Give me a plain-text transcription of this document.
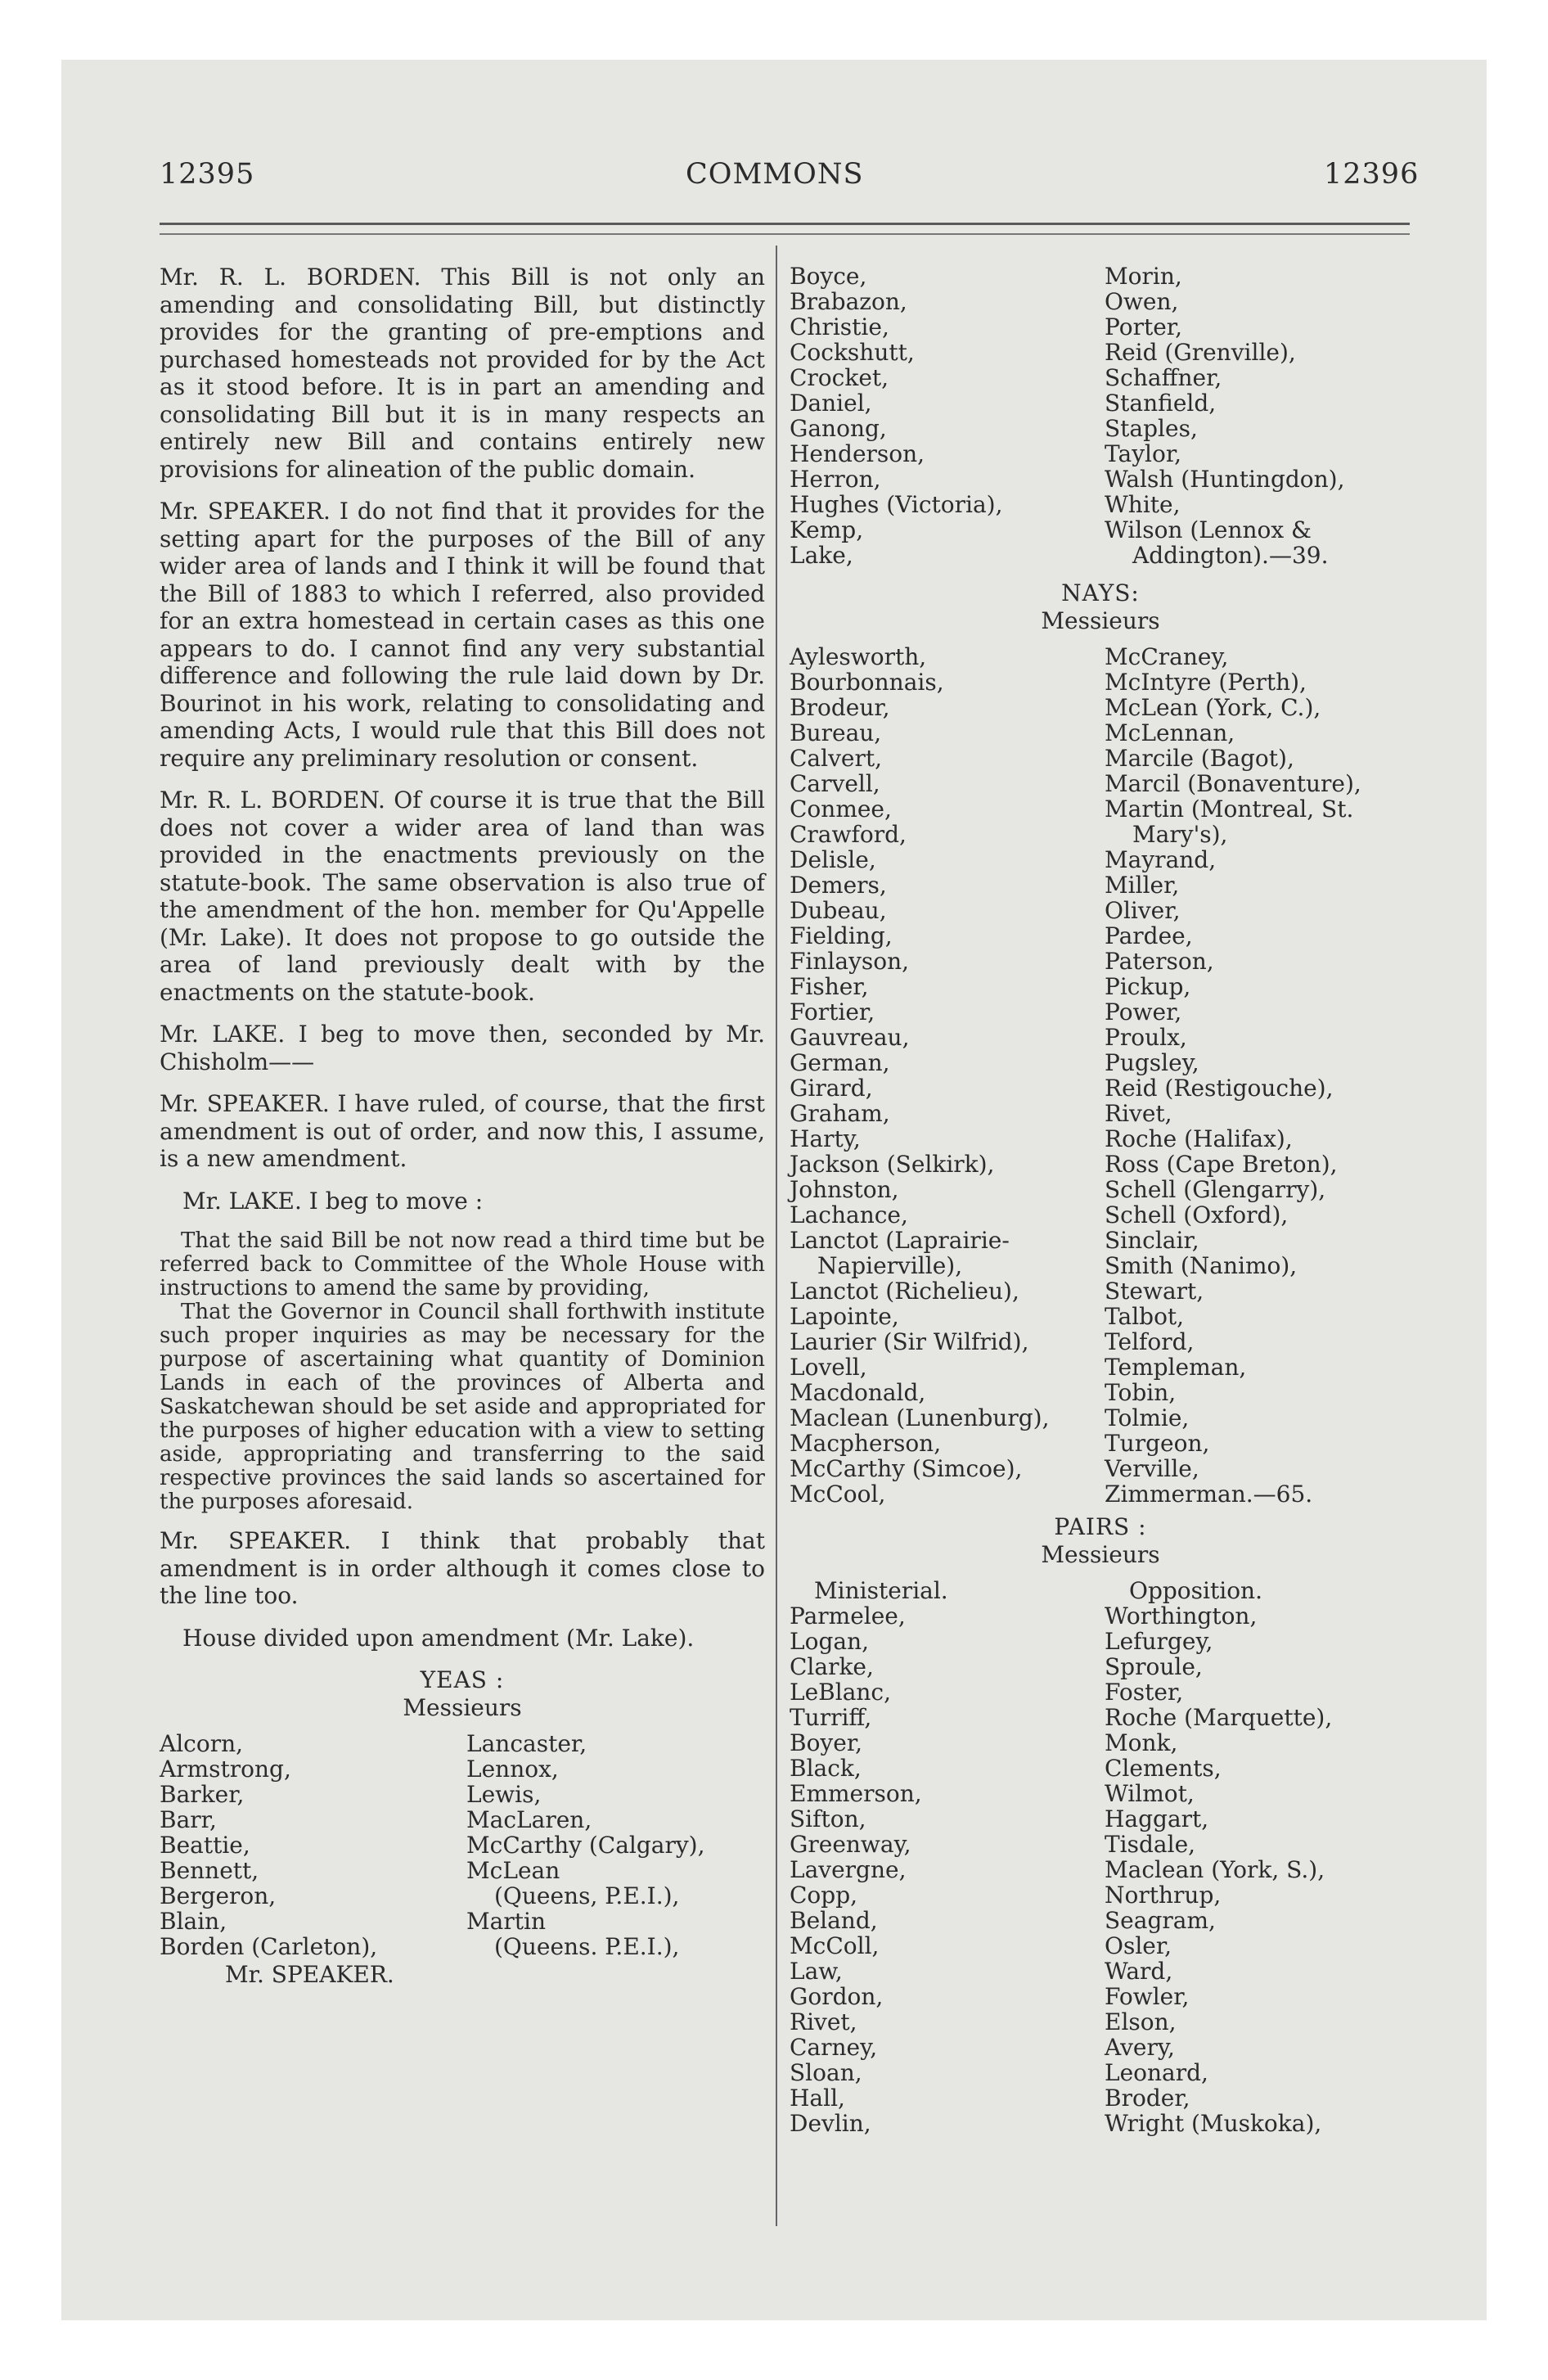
12395	COMMONS	12396

Mr. R. L. BORDEN. This Bill is not only an amending and consolidating Bill, but distinctly provides for the granting of pre-emptions and purchased homesteads not provided for by the Act as it stood before. It is in part an amending and consolidating Bill but it is in many respects an entirely new Bill and contains entirely new provisions for alineation of the public domain.

Mr. SPEAKER. I do not find that it provides for the setting apart for the purposes of the Bill of any wider area of lands and I think it will be found that the Bill of 1883 to which I referred, also provided for an extra homestead in certain cases as this one appears to do. I cannot find any very substantial difference and following the rule laid down by Dr. Bourinot in his work, relating to consolidating and amending Acts, I would rule that this Bill does not require any preliminary resolution or consent.

Mr. R. L. BORDEN. Of course it is true that the Bill does not cover a wider area of land than was provided in the enactments previously on the statute-book. The same observation is also true of the amendment of the hon. member for Qu'Appelle (Mr. Lake). It does not propose to go outside the area of land previously dealt with by the enactments on the statute-book.

Mr. LAKE. I beg to move then, seconded by Mr. Chisholm——

Mr. SPEAKER. I have ruled, of course, that the first amendment is out of order, and now this, I assume, is a new amendment.

Mr. LAKE. I beg to move :

That the said Bill be not now read a third time but be referred back to Committee of the Whole House with instructions to amend the same by providing,

That the Governor in Council shall forthwith institute such proper inquiries as may be necessary for the purpose of ascertaining what quantity of Dominion Lands in each of the provinces of Alberta and Saskatchewan should be set aside and appropriated for the purposes of higher education with a view to setting aside, appropriating and transferring to the said respective provinces the said lands so ascertained for the purposes aforesaid.

Mr. SPEAKER. I think that probably that amendment is in order although it comes close to the line too.

House divided upon amendment (Mr. Lake).

YEAS :
Messieurs
Alcorn,
Armstrong,
Barker,
Barr,
Beattie,
Bennett,
Bergeron,
Blain,
Borden (Carleton),
Lancaster,
Lennox,
Lewis,
MacLaren,
McCarthy (Calgary),
McLean
(Queens, P.E.I.),
Martin
(Queens. P.E.I.),
Mr. SPEAKER.
Boyce,
Brabazon,
Christie,
Cockshutt,
Crocket,
Daniel,
Ganong,
Henderson,
Herron,
Hughes (Victoria),
Kemp,
Lake,
Morin,
Owen,
Porter,
Reid (Grenville),
Schaffner,
Stanfield,
Staples,
Taylor,
Walsh (Huntingdon),
White,
Wilson (Lennox &
Addington).—39.
NAYS:
Messieurs
Aylesworth,
Bourbonnais,
Brodeur,
Bureau,
Calvert,
Carvell,
Conmee,
Crawford,
Delisle,
Demers,
Dubeau,
Fielding,
Finlayson,
Fisher,
Fortier,
Gauvreau,
German,
Girard,
Graham,
Harty,
Jackson (Selkirk),
Johnston,
Lachance,
Lanctot (Laprairie-
Napierville),
Lanctot (Richelieu),
Lapointe,
Laurier (Sir Wilfrid),
Lovell,
Macdonald,
Maclean (Lunenburg),
Macpherson,
McCarthy (Simcoe),
McCool,
McCraney,
McIntyre (Perth),
McLean (York, C.),
McLennan,
Marcile (Bagot),
Marcil (Bonaventure),
Martin (Montreal, St.
Mary's),
Mayrand,
Miller,
Oliver,
Pardee,
Paterson,
Pickup,
Power,
Proulx,
Pugsley,
Reid (Restigouche),
Rivet,
Roche (Halifax),
Ross (Cape Breton),
Schell (Glengarry),
Schell (Oxford),
Sinclair,
Smith (Nanimo),
Stewart,
Talbot,
Telford,
Templeman,
Tobin,
Tolmie,
Turgeon,
Verville,
Zimmerman.—65.
PAIRS :
Messieurs
Ministerial.
Parmelee,
Logan,
Clarke,
LeBlanc,
Turriff,
Boyer,
Black,
Emmerson,
Sifton,
Greenway,
Lavergne,
Copp,
Beland,
McColl,
Law,
Gordon,
Rivet,
Carney,
Sloan,
Hall,
Devlin,
Opposition.
Worthington,
Lefurgey,
Sproule,
Foster,
Roche (Marquette),
Monk,
Clements,
Wilmot,
Haggart,
Tisdale,
Maclean (York, S.),
Northrup,
Seagram,
Osler,
Ward,
Fowler,
Elson,
Avery,
Leonard,
Broder,
Wright (Muskoka),
